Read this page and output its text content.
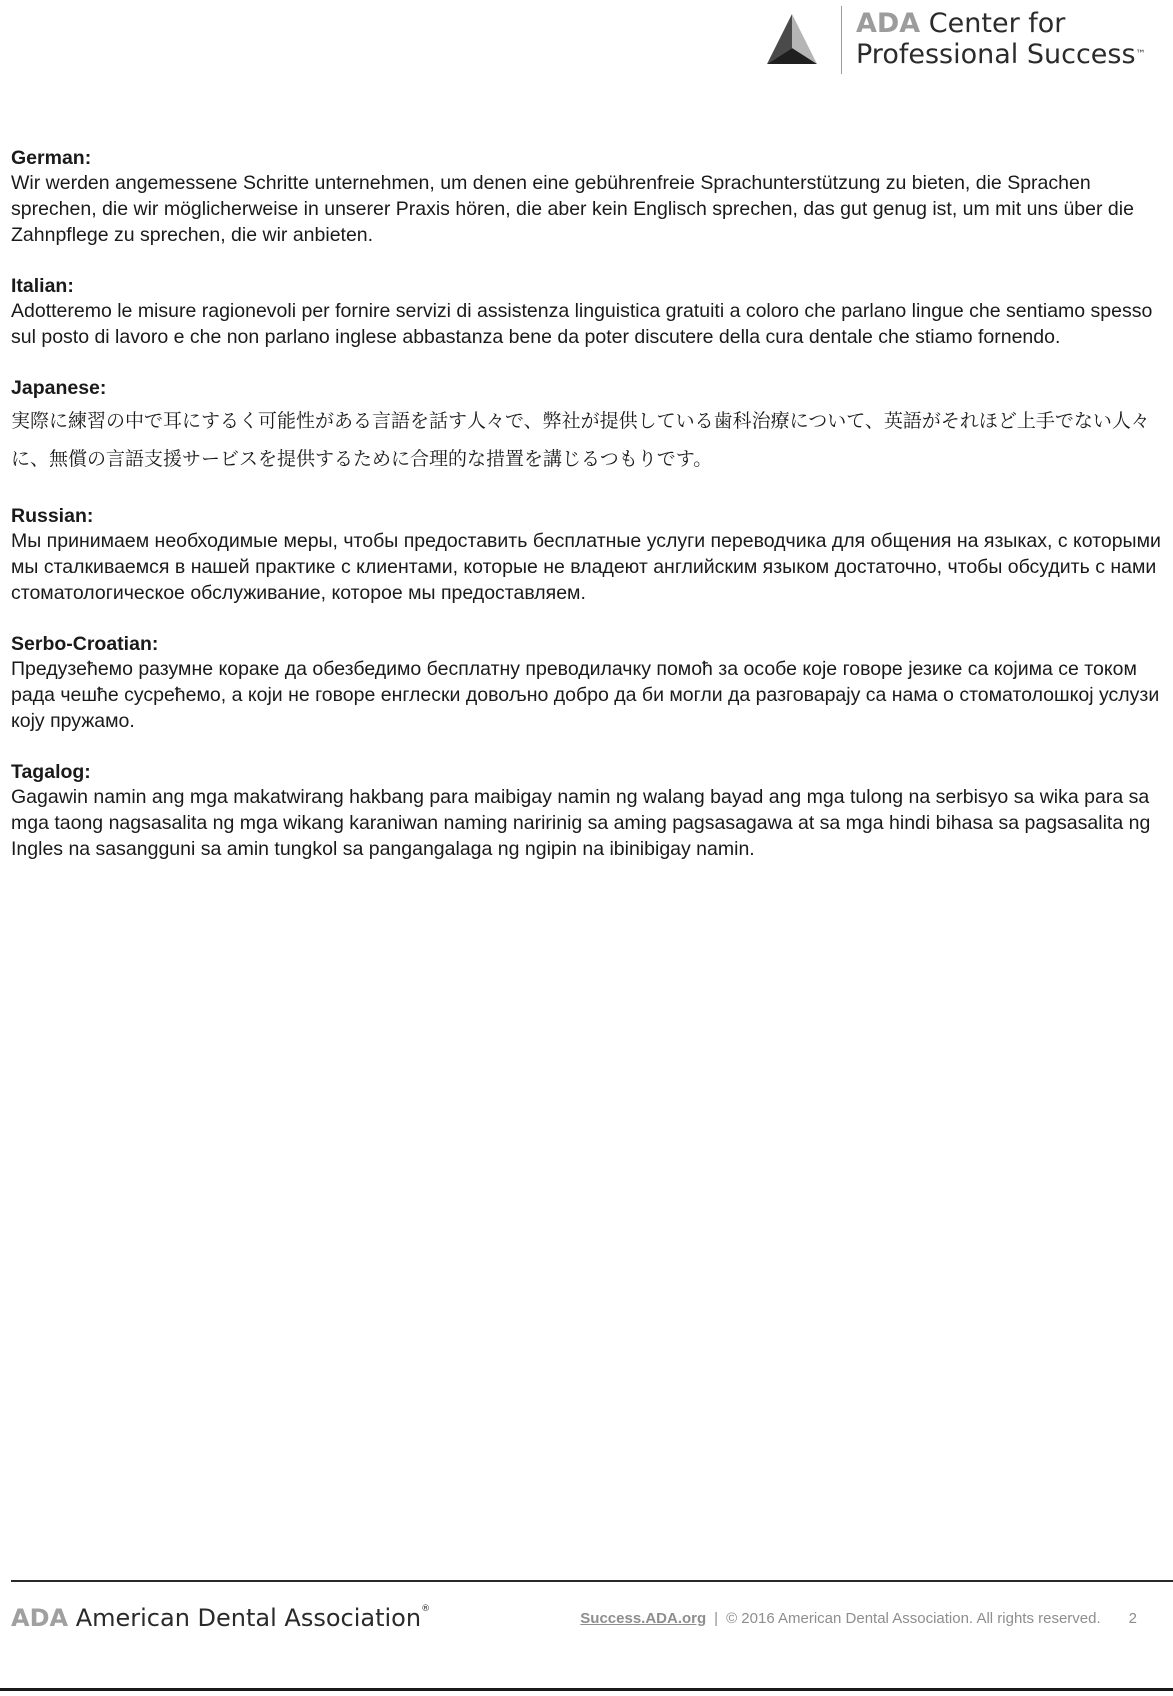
ADA Center for
Professional Success™
German:

Wir werden angemessene Schritte unternehmen, um denen eine gebührenfreie Sprachunterstützung zu bieten, die Sprachen sprechen, die wir möglicherweise in unserer Praxis hören, die aber kein Englisch sprechen, das gut genug ist, um mit uns über die Zahnpflege zu sprechen, die wir anbieten.

Italian:

Adotteremo le misure ragionevoli per fornire servizi di assistenza linguistica gratuiti a coloro che parlano lingue che sentiamo spesso sul posto di lavoro e che non parlano inglese abbastanza bene da poter discutere della cura dentale che stiamo fornendo.

Japanese:

実際に練習の中で耳にするく可能性がある言語を話す人々で、弊社が提供している歯科治療について、英語がそれほど上手でない人々に、無償の言語支援サービスを提供するために合理的な措置を講じるつもりです。

Russian:

Мы принимаем необходимые меры, чтобы предоставить бесплатные услуги переводчика для общения на языках, с которыми мы сталкиваемся в нашей практике с клиентами, которые не владеют английским языком достаточно, чтобы обсудить с нами стоматологическое обслуживание, которое мы предоставляем.

Serbo-Croatian:

Предузећемо разумне кораке да обезбедимо бесплатну преводилачку помоћ за особе које говоре језике са којима се током рада чешће сусрећемо, а који не говоре енглески довољно добро да би могли да разговарају са нама о стоматолошкој услузи коју пружамо.

Tagalog:

Gagawin namin ang mga makatwirang hakbang para maibigay namin ng walang bayad ang mga tulong na serbisyo sa wika para sa mga taong nagsasalita ng mga wikang karaniwan naming naririnig sa aming pagsasagawa at sa mga hindi bihasa sa pagsasalita ng Ingles na sasangguni sa amin tungkol sa pangangalaga ng ngipin na ibinibigay namin.

ADA American Dental Association®
Success.ADA.org | © 2016 American Dental Association. All rights reserved. 2
